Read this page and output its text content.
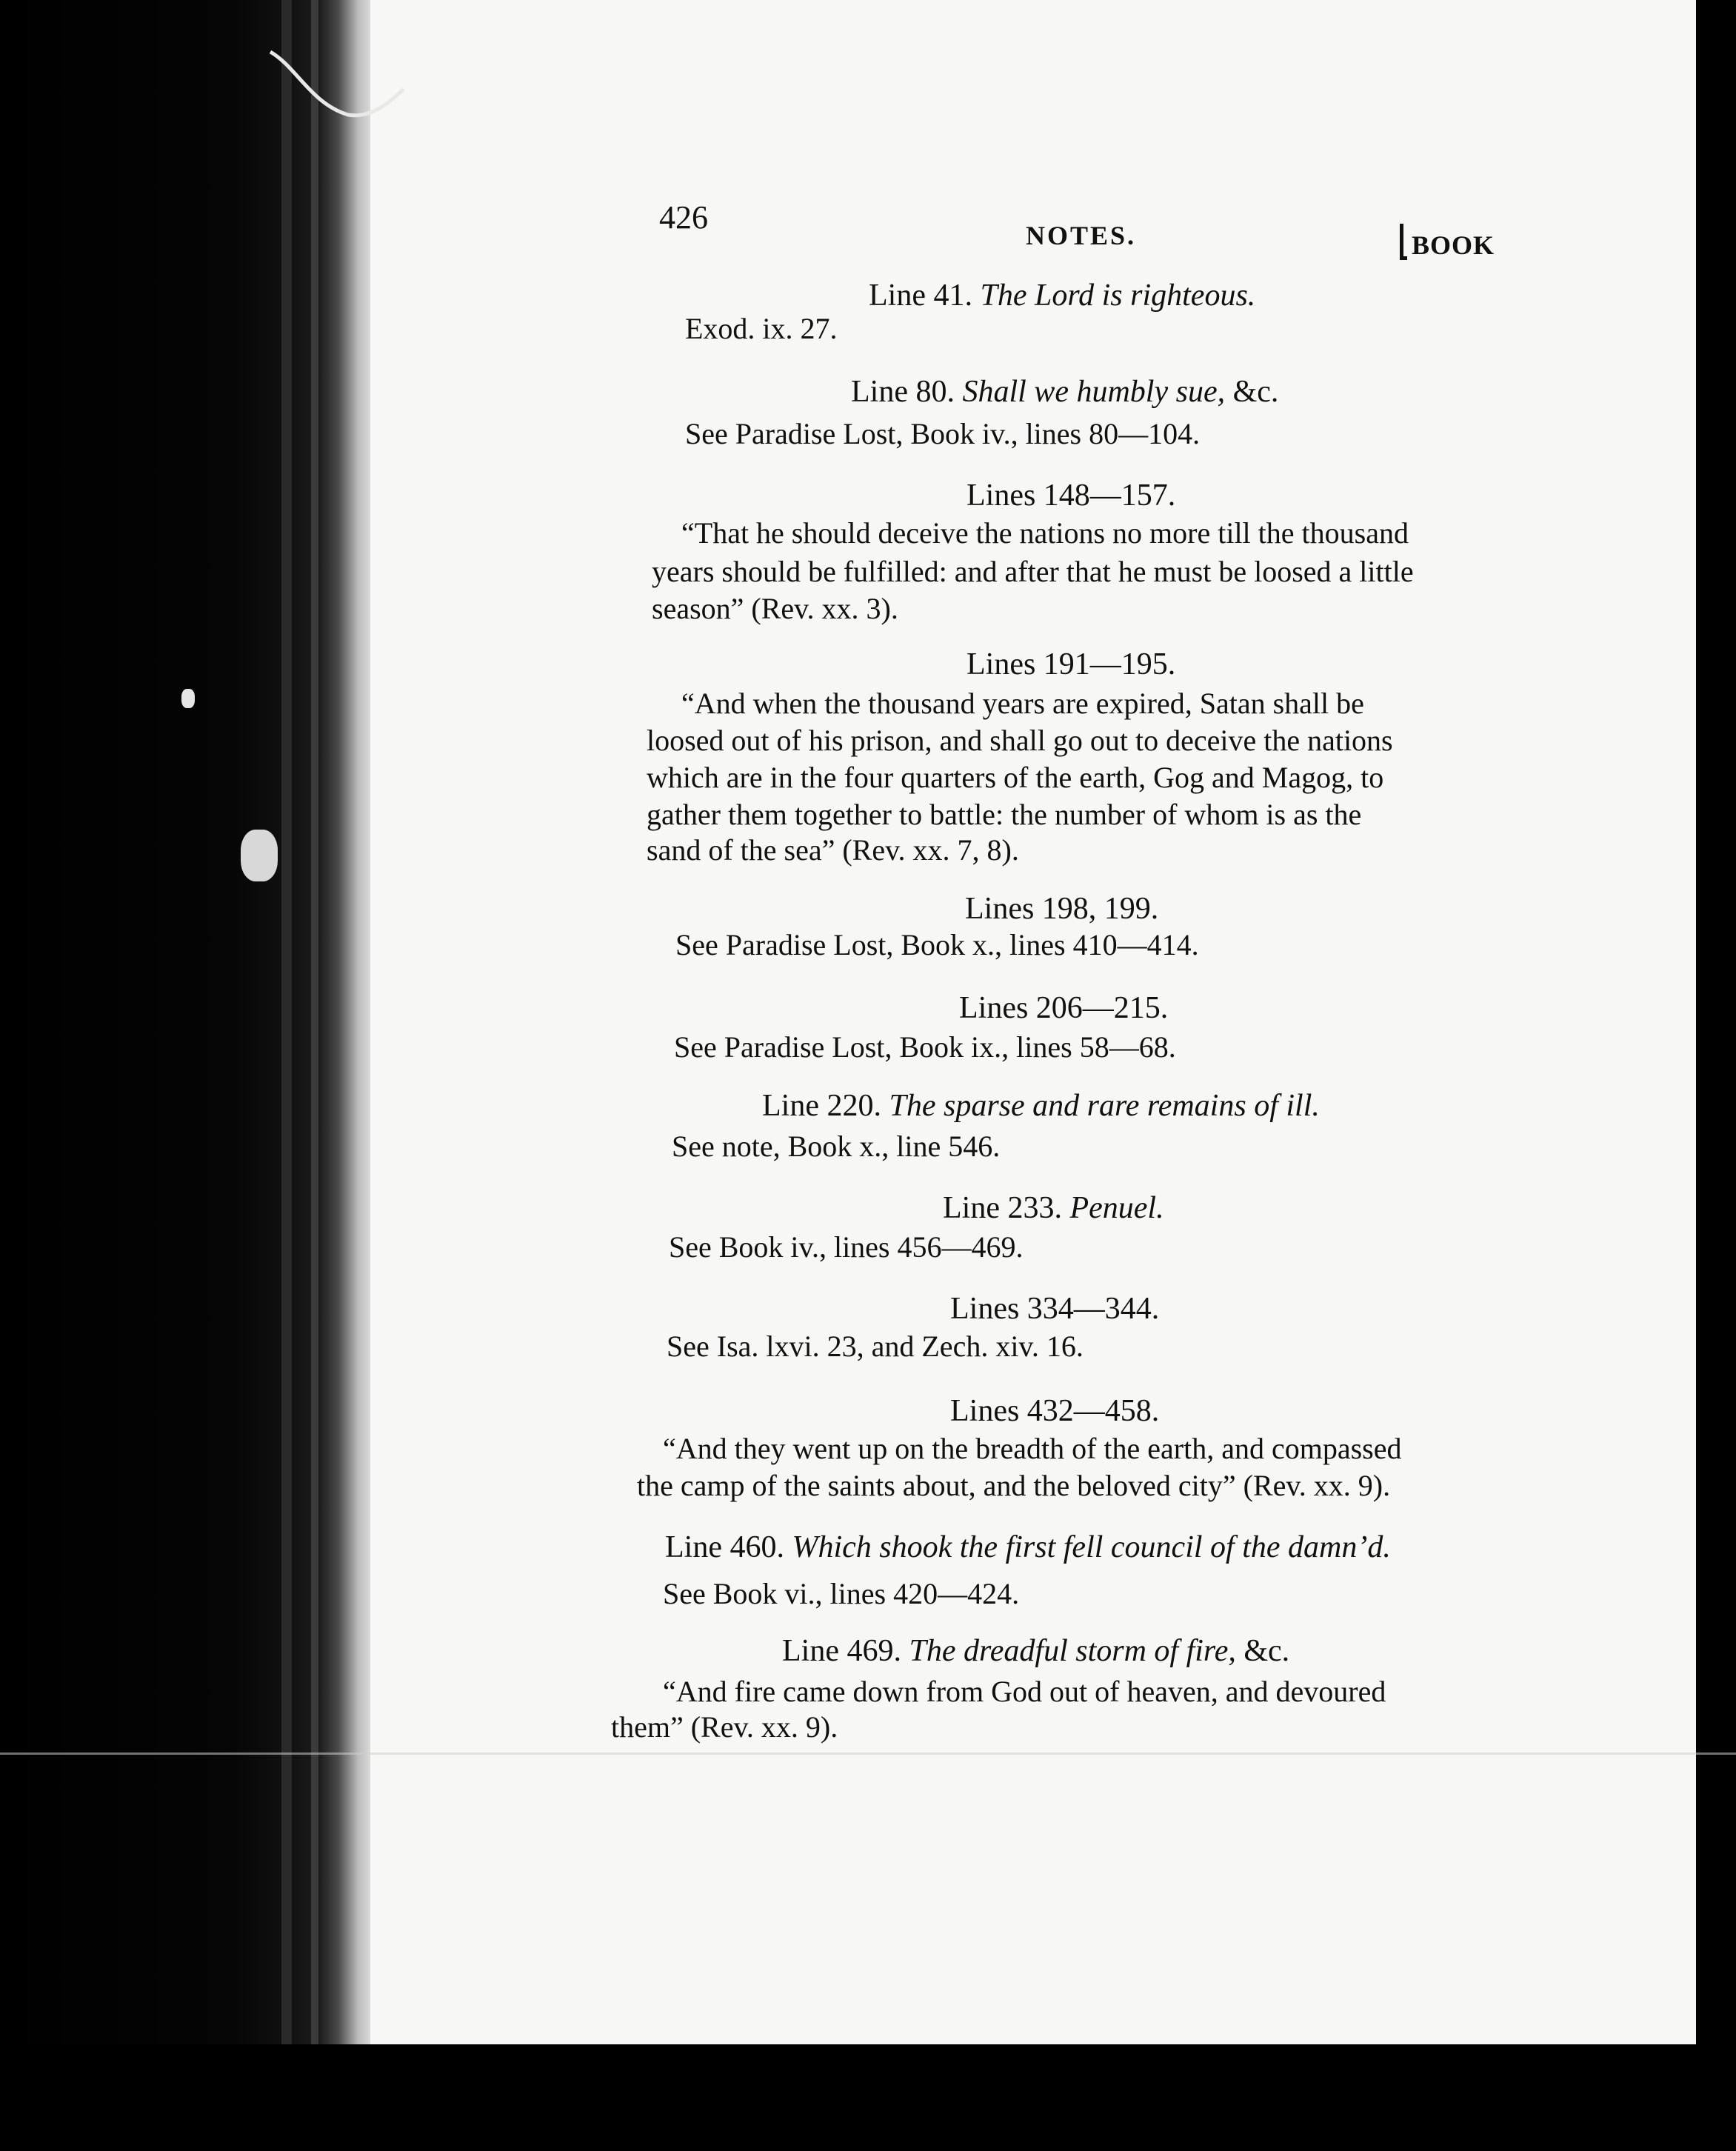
426	NOTES.	BOOK
Line 41. The Lord is righteous.
Exod. ix. 27.
Line 80. Shall we humbly sue, &c.
See Paradise Lost, Book iv., lines 80—104.
Lines 148—157.
“That he should deceive the nations no more till the thousand
years should be fulfilled: and after that he must be loosed a little
season” (Rev. xx. 3).
Lines 191—195.
“And when the thousand years are expired, Satan shall be
loosed out of his prison, and shall go out to deceive the nations
which are in the four quarters of the earth, Gog and Magog, to
gather them together to battle: the number of whom is as the
sand of the sea” (Rev. xx. 7, 8).
Lines 198, 199.
See Paradise Lost, Book x., lines 410—414.
Lines 206—215.
See Paradise Lost, Book ix., lines 58—68.
Line 220. The sparse and rare remains of ill.
See note, Book x., line 546.
Line 233. Penuel.
See Book iv., lines 456—469.
Lines 334—344.
See Isa. lxvi. 23, and Zech. xiv. 16.
Lines 432—458.
“And they went up on the breadth of the earth, and compassed
the camp of the saints about, and the beloved city” (Rev. xx. 9).
Line 460. Which shook the first fell council of the damn’d.
See Book vi., lines 420—424.
Line 469. The dreadful storm of fire, &c.
“And fire came down from God out of heaven, and devoured
them” (Rev. xx. 9).
